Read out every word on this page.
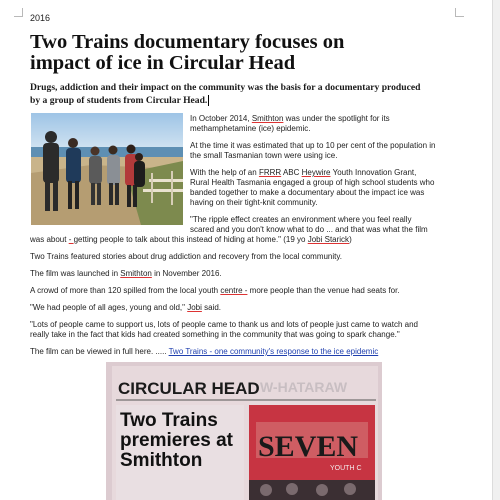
2016
Two Trains documentary focuses on
impact of ice in Circular Head
Drugs, addiction and their impact on the community was the basis for a documentary produced
by a group of students from Circular Head.
In October 2014, Smithton was under the spotlight for its
methamphetamine (ice) epidemic.
At the time it was estimated that up to 10 per cent of the population in
the small Tasmanian town were using ice.
With the help of an FRRR ABC Heywire Youth Innovation Grant,
Rural Health Tasmania engaged a group of high school students who
banded together to make a documentary about the impact ice was
having on their tight-knit community.
"The ripple effect creates an environment where you feel really
scared and you don't know what to do ... and that was what the film
was about - getting people to talk about this instead of hiding at home." (19 yo Jobi Starick)
Two Trains featured stories about drug addiction and recovery from the local community.
The film was launched in Smithton in November 2016.
A crowd of more than 120 spilled from the local youth centre - more people than the venue had seats for.
"We had people of all ages, young and old," Jobi said.
"Lots of people came to support us, lots of people came to thank us and lots of people just came to watch and
really take in the fact that kids had created something in the community that was going to spark change."
The film can be viewed in full here. ..... Two Trains - one community's response to the ice epidemic
CIRCULAR HEAD W-HATARAW
Two Trains
premieres at
Smithton SEVEN
YOUTH C
